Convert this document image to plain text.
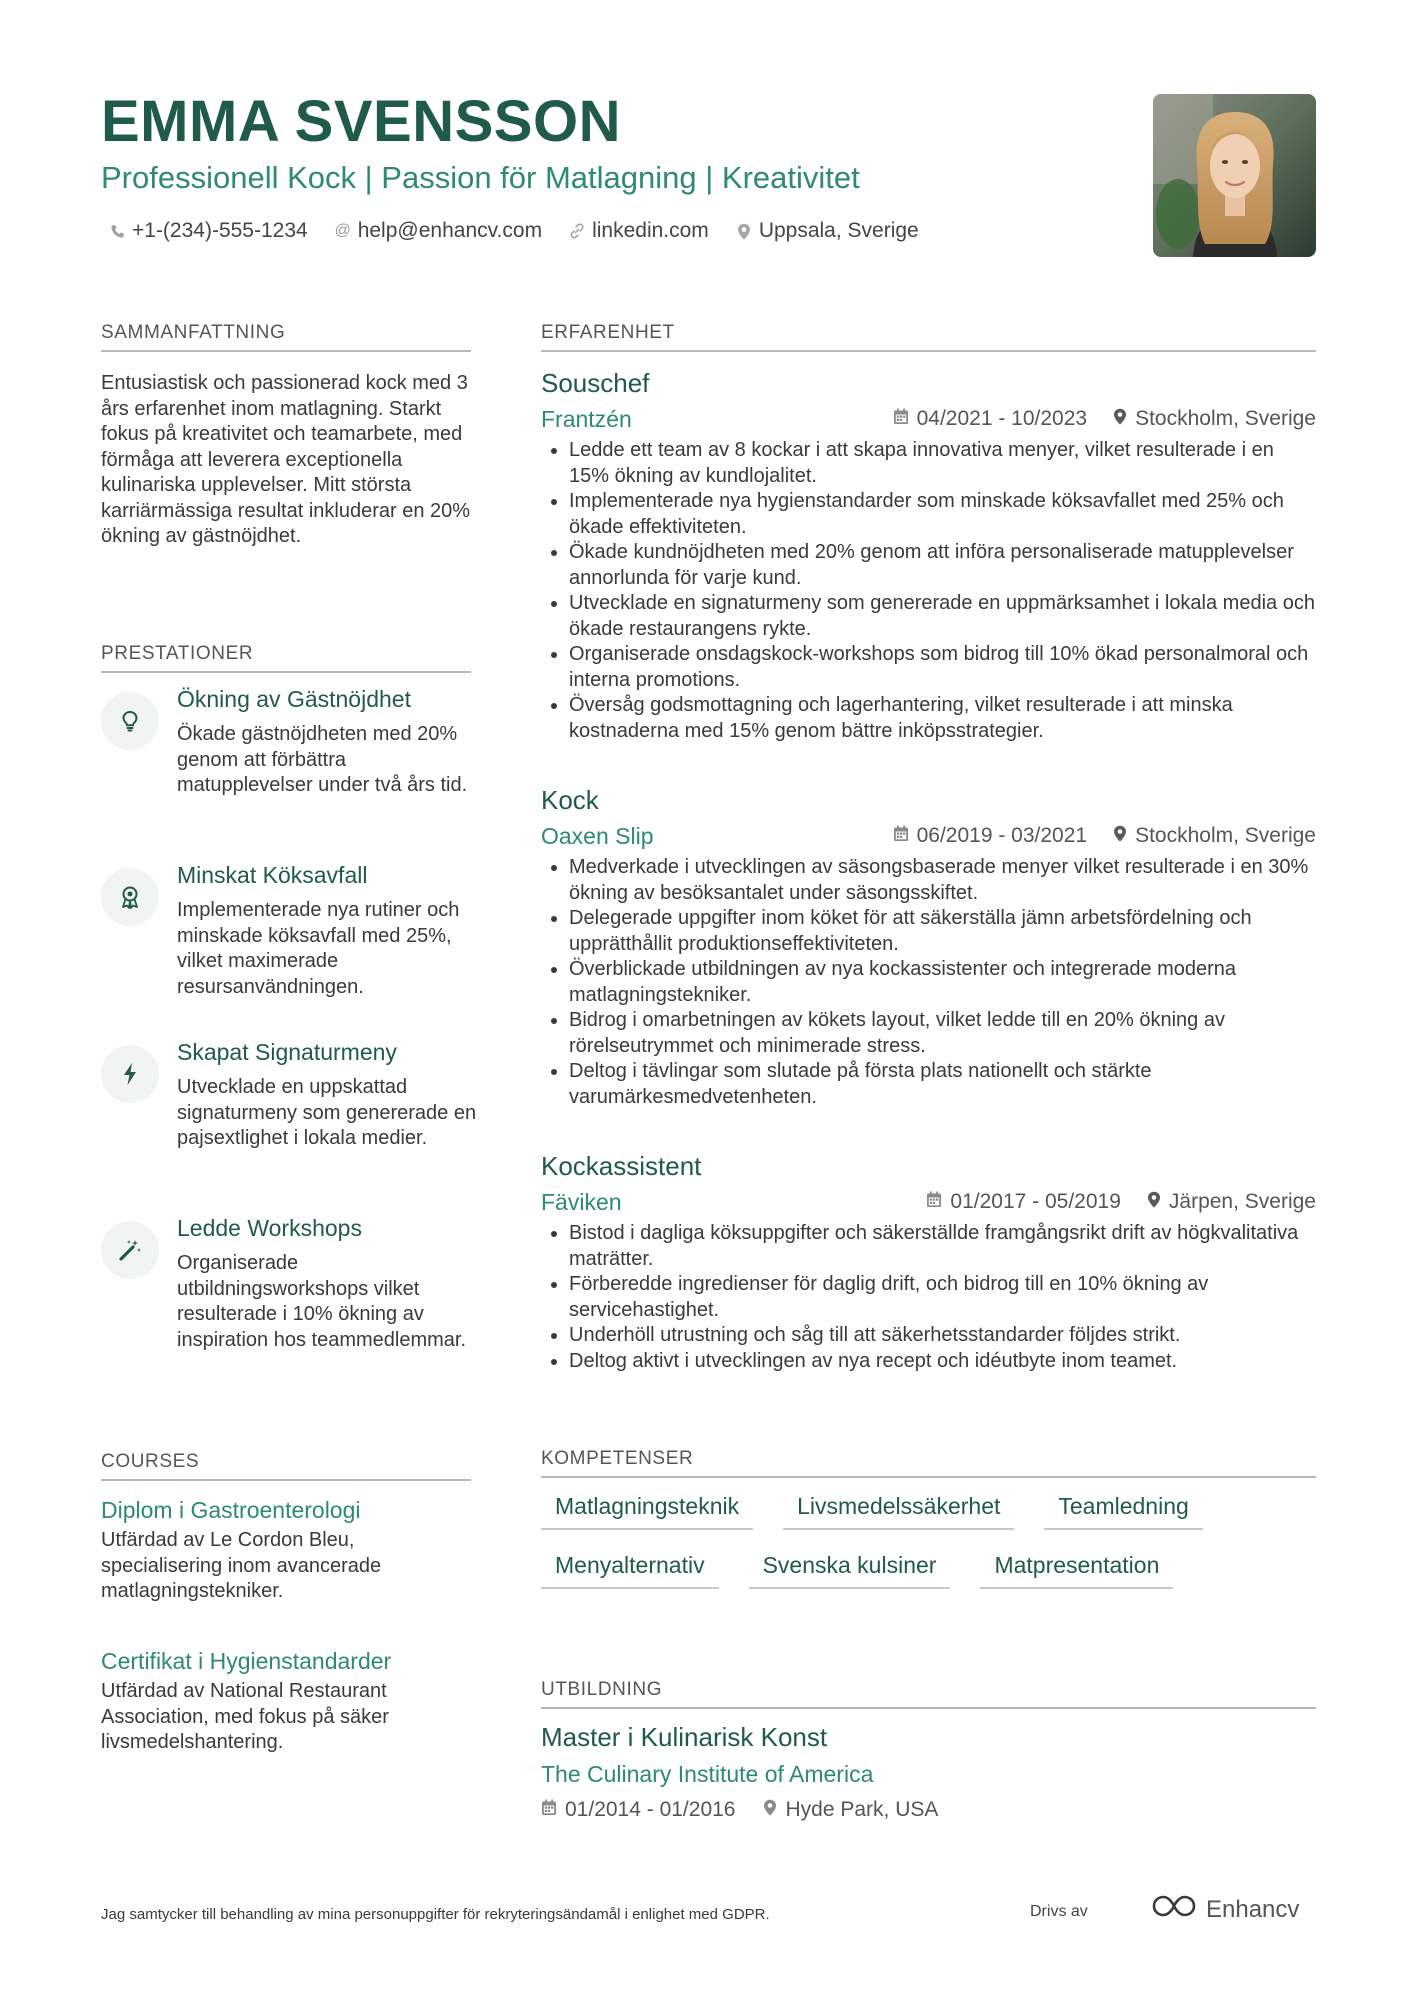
EMMA SVENSSON
Professionell Kock | Passion för Matlagning | Kreativitet
+1-(234)-555-1234 @ help@enhancv.com linkedin.com Uppsala, Sverige
SAMMANFATTNING

Entusiastisk och passionerad kock med 3 års erfarenhet inom matlagning. Starkt fokus på kreativitet och teamarbete, med förmåga att leverera exceptionella kulinariska upplevelser. Mitt största karriärmässiga resultat inkluderar en 20% ökning av gästnöjdhet.

PRESTATIONER
Ökning av Gästnöjdhet

Ökade gästnöjdheten med 20% genom att förbättra matupplevelser under två års tid.

Minskat Köksavfall

Implementerade nya rutiner och minskade köksavfall med 25%, vilket maximerade resursanvändningen.

Skapat Signaturmeny

Utvecklade en uppskattad signaturmeny som genererade en pajsextlighet i lokala medier.

Ledde Workshops

Organiserade utbildningsworkshops vilket resulterade i 10% ökning av inspiration hos teammedlemmar.

COURSES
Diplom i Gastroenterologi

Utfärdad av Le Cordon Bleu, specialisering inom avancerade matlagningstekniker.

Certifikat i Hygienstandarder

Utfärdad av National Restaurant Association, med fokus på säker livsmedelshantering.

ERFARENHET
Souschef
Frantzén	04/2021 - 10/2023 Stockholm, Sverige
• Ledde ett team av 8 kockar i att skapa innovativa menyer, vilket resulterade i en 15% ökning av kundlojalitet.
• Implementerade nya hygienstandarder som minskade köksavfallet med 25% och ökade effektiviteten.
• Ökade kundnöjdheten med 20% genom att införa personaliserade matupplevelser annorlunda för varje kund.
• Utvecklade en signaturmeny som genererade en uppmärksamhet i lokala media och ökade restaurangens rykte.
• Organiserade onsdagskock-workshops som bidrog till 10% ökad personalmoral och interna promotions.
• Översåg godsmottagning och lagerhantering, vilket resulterade i att minska kostnaderna med 15% genom bättre inköpsstrategier.
Kock
Oaxen Slip	06/2019 - 03/2021 Stockholm, Sverige
• Medverkade i utvecklingen av säsongsbaserade menyer vilket resulterade i en 30% ökning av besöksantalet under säsongsskiftet.
• Delegerade uppgifter inom köket för att säkerställa jämn arbetsfördelning och upprätthållit produktionseffektiviteten.
• Överblickade utbildningen av nya kockassistenter och integrerade moderna matlagningstekniker.
• Bidrog i omarbetningen av kökets layout, vilket ledde till en 20% ökning av rörelseutrymmet och minimerade stress.
• Deltog i tävlingar som slutade på första plats nationellt och stärkte varumärkesmedvetenheten.
Kockassistent
Fäviken	01/2017 - 05/2019 Järpen, Sverige
• Bistod i dagliga köksuppgifter och säkerställde framgångsrikt drift av högkvalitativa maträtter.
• Förberedde ingredienser för daglig drift, och bidrog till en 10% ökning av servicehastighet.
• Underhöll utrustning och såg till att säkerhetsstandarder följdes strikt.
• Deltog aktivt i utvecklingen av nya recept och idéutbyte inom teamet.
KOMPETENSER
Matlagningsteknik	Livsmedelssäkerhet	Teamledning
Menyalternativ	Svenska kulsiner	Matpresentation
UTBILDNING
Master i Kulinarisk Konst
The Culinary Institute of America
01/2014 - 01/2016 Hyde Park, USA
Jag samtycker till behandling av mina personuppgifter för rekryteringsändamål i enlighet med GDPR.	Drivs av	Enhancv
